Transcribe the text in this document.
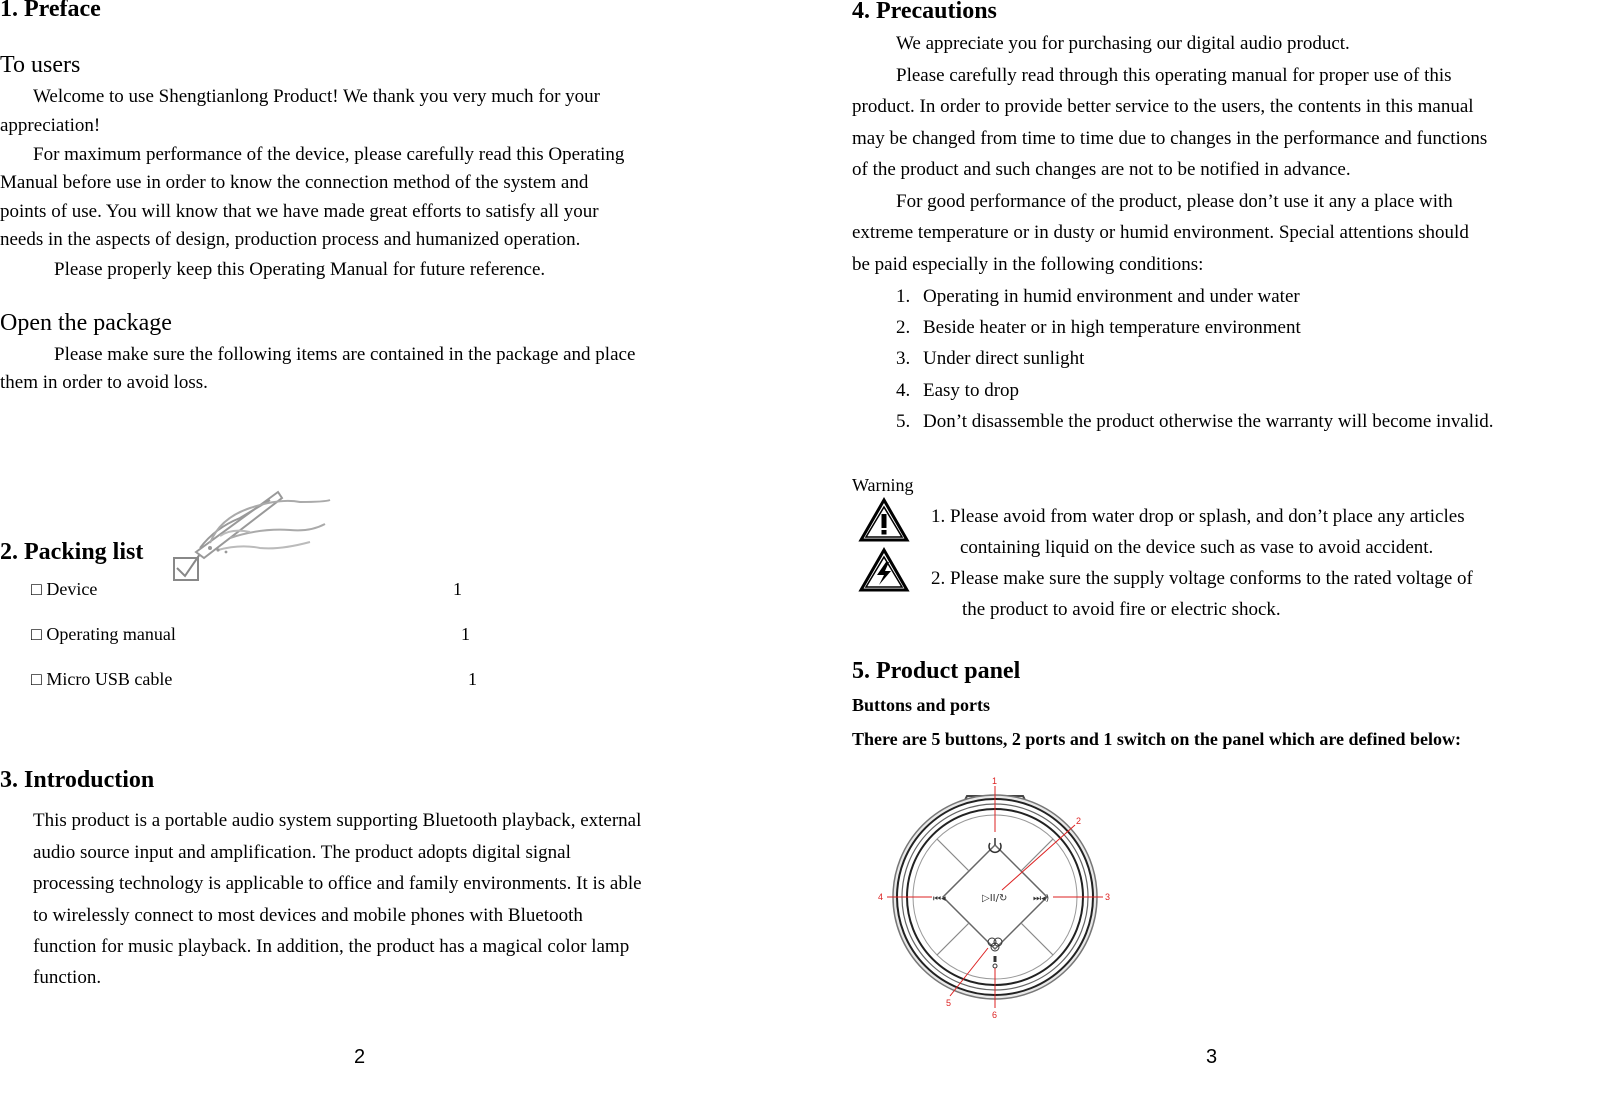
1. Preface
To users
Welcome to use Shengtianlong Product! We thank you very much for your
appreciation!
For maximum performance of the device, please carefully read this Operating
Manual before use in order to know the connection method of the system and
points of use. You will know that we have made great efforts to satisfy all your
needs in the aspects of design, production process and humanized operation.
Please properly keep this Operating Manual for future reference.
Open the package
Please make sure the following items are contained in the package and place
them in order to avoid loss.
2. Packing list
□ Device	1
□ Operating manual	1
□ Micro USB cable	1
3. Introduction
This product is a portable audio system supporting Bluetooth playback, external
audio source input and amplification. The product adopts digital signal
processing technology is applicable to office and family environments. It is able
to wirelessly connect to most devices and mobile phones with Bluetooth
function for music playback. In addition, the product has a magical color lamp
function.
2
4. Precautions
We appreciate you for purchasing our digital audio product.
Please carefully read through this operating manual for proper use of this
product. In order to provide better service to the users, the contents in this manual
may be changed from time to time due to changes in the performance and functions
of the product and such changes are not to be notified in advance.
For good performance of the product, please don’t use it any a place with
extreme temperature or in dusty or humid environment. Special attentions should
be paid especially in the following conditions:
1. Operating in humid environment and under water
2. Beside heater or in high temperature environment
3. Under direct sunlight
4. Easy to drop
5. Don’t disassemble the product otherwise the warranty will become invalid.
Warning
1. Please avoid from water drop or splash, and don’t place any articles
containing liquid on the device such as vase to avoid accident.
2. Please make sure the supply voltage conforms to the rated voltage of
the product to avoid fire or electric shock.
5. Product panel
Buttons and ports
There are 5 buttons, 2 ports and 1 switch on the panel which are defined below:
▷II/↻
⏮◂	⏭◂)
1
2
3
4
5
6
3
